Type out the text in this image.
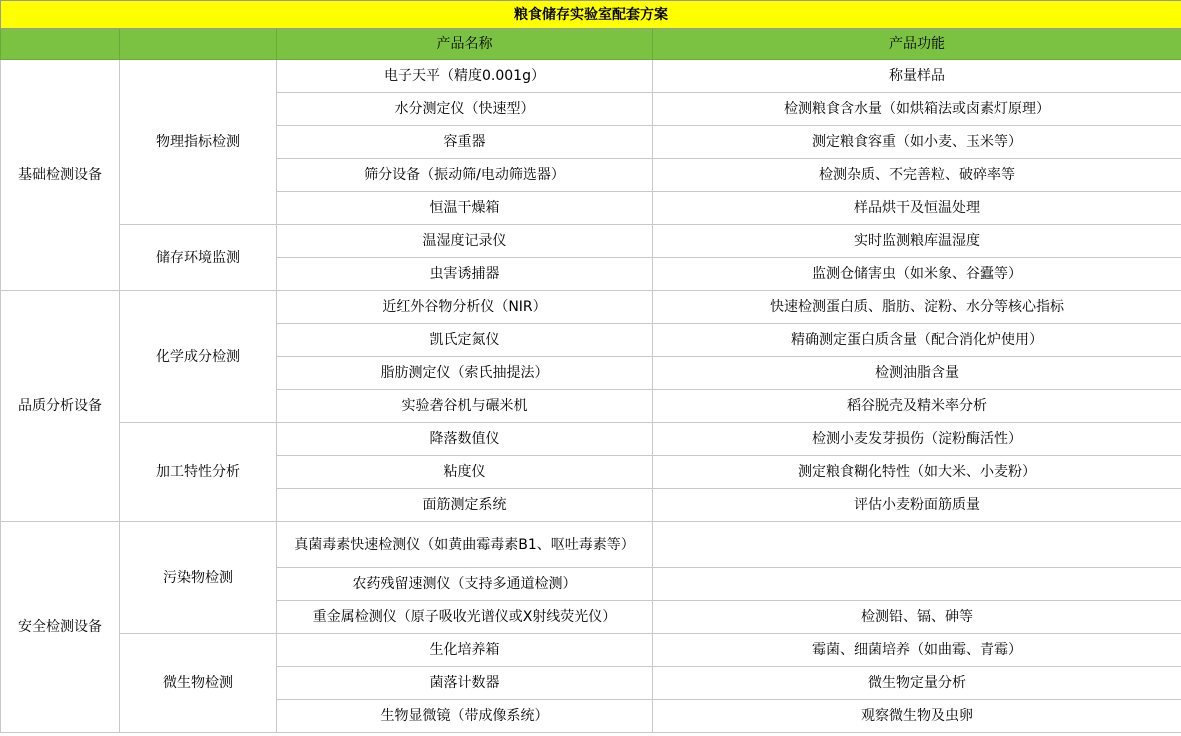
粮食储存实验室配套方案			
		产品名称	产品功能
基础检测设备	物理指标检测	电子天平（精度0.001g）	称量样品
		水分测定仪（快速型）	检测粮食含水量（如烘箱法或卤素灯原理）
		容重器	测定粮食容重（如小麦、玉米等）
		筛分设备（振动筛/电动筛选器）	检测杂质、不完善粒、破碎率等
		恒温干燥箱	样品烘干及恒温处理
	储存环境监测	温湿度记录仪	实时监测粮库温湿度
		虫害诱捕器	监测仓储害虫（如米象、谷蠹等）
品质分析设备	化学成分检测	近红外谷物分析仪（NIR）	快速检测蛋白质、脂肪、淀粉、水分等核心指标
		凯氏定氮仪	精确测定蛋白质含量（配合消化炉使用）
		脂肪测定仪（索氏抽提法）	检测油脂含量
		实验砻谷机与碾米机	稻谷脱壳及精米率分析
	加工特性分析	降落数值仪	检测小麦发芽损伤（淀粉酶活性）
		粘度仪	测定粮食糊化特性（如大米、小麦粉）
		面筋测定系统	评估小麦粉面筋质量
安全检测设备	污染物检测	真菌毒素快速检测仪（如黄曲霉毒素B1、呕吐毒素等）	
		农药残留速测仪（支持多通道检测）	
		重金属检测仪（原子吸收光谱仪或X射线荧光仪）	检测铅、镉、砷等
	微生物检测	生化培养箱	霉菌、细菌培养（如曲霉、青霉）
		菌落计数器	微生物定量分析
		生物显微镜（带成像系统）	观察微生物及虫卵
